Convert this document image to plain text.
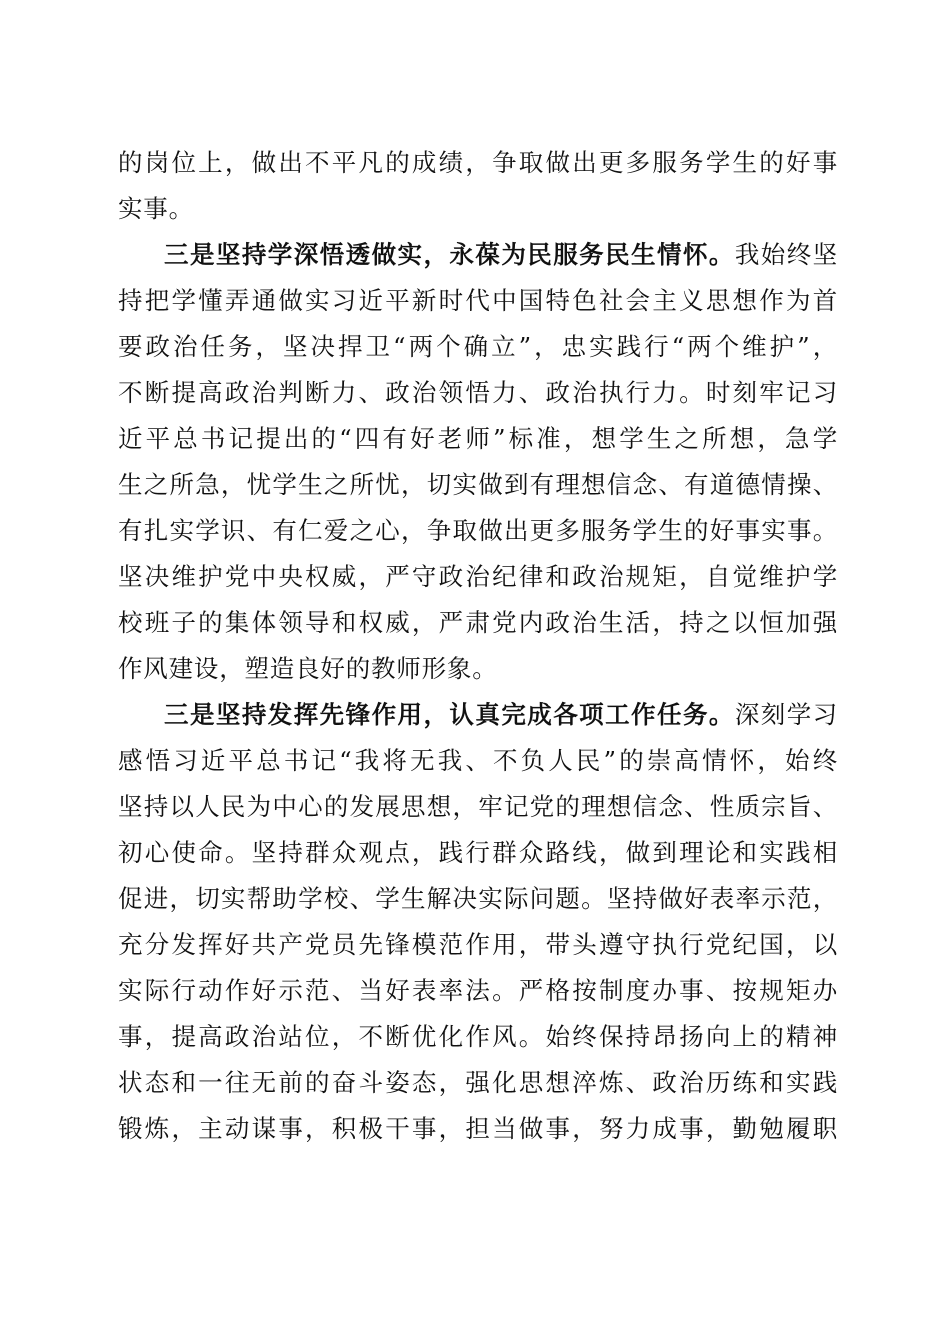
的岗位上，做出不平凡的成绩，争取做出更多服务学生的好事
实事。
三是坚持学深悟透做实，永葆为民服务民生情怀。我始终坚
持把学懂弄通做实习近平新时代中国特色社会主义思想作为首
要政治任务，坚决捍卫“两个确立”，忠实践行“两个维护”，
不断提高政治判断力、政治领悟力、政治执行力。时刻牢记习
近平总书记提出的“四有好老师”标准，想学生之所想，急学
生之所急，忧学生之所忧，切实做到有理想信念、有道德情操、
有扎实学识、有仁爱之心，争取做出更多服务学生的好事实事。
坚决维护党中央权威，严守政治纪律和政治规矩，自觉维护学
校班子的集体领导和权威，严肃党内政治生活，持之以恒加强
作风建设，塑造良好的教师形象。
三是坚持发挥先锋作用，认真完成各项工作任务。深刻学习
感悟习近平总书记“我将无我、不负人民”的崇高情怀，始终
坚持以人民为中心的发展思想，牢记党的理想信念、性质宗旨、
初心使命。坚持群众观点，践行群众路线，做到理论和实践相
促进，切实帮助学校、学生解决实际问题。坚持做好表率示范，
充分发挥好共产党员先锋模范作用，带头遵守执行党纪国，以
实际行动作好示范、当好表率法。严格按制度办事、按规矩办
事，提高政治站位，不断优化作风。始终保持昂扬向上的精神
状态和一往无前的奋斗姿态，强化思想淬炼、政治历练和实践
锻炼，主动谋事，积极干事，担当做事，努力成事，勤勉履职
